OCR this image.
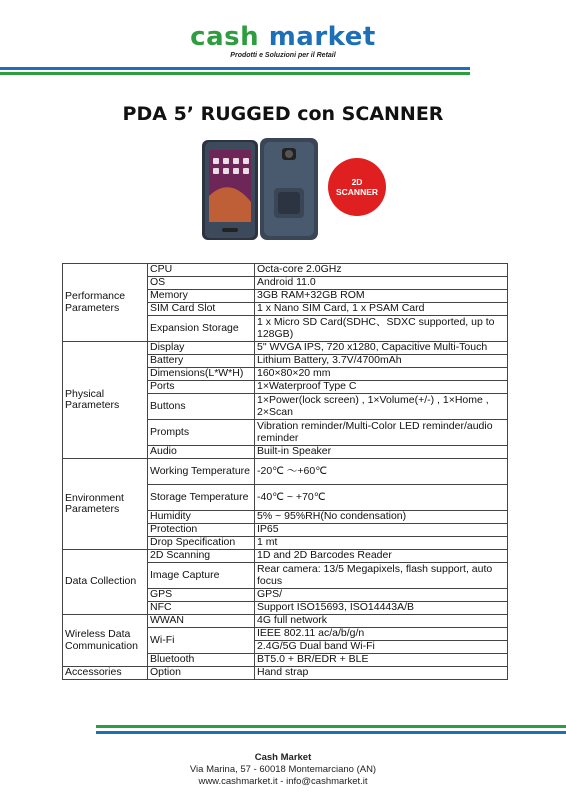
cash market
Prodotti e Soluzioni per il Retail
PDA 5’ RUGGED con SCANNER
2D
SCANNER
Performance Parameters	CPU	Octa-core 2.0GHz
	OS	Android 11.0
	Memory	3GB RAM+32GB ROM
	SIM Card Slot	1 x Nano SIM Card, 1 x PSAM Card
	Expansion Storage	1 x Micro SD Card(SDHC、SDXC supported, up to 128GB)
Physical Parameters	Display	5" WVGA IPS, 720 x1280, Capacitive Multi-Touch
	Battery	Lithium Battery, 3.7V/4700mAh
	Dimensions(L*W*H)	160×80×20 mm
	Ports	1×Waterproof Type C
	Buttons	1×Power(lock screen) , 1×Volume(+/-) , 1×Home , 2×Scan
	Prompts	Vibration reminder/Multi-Color LED reminder/audio reminder
	Audio	Built-in Speaker
Environment Parameters	Working Temperature	-20℃ ～+60℃
	Storage Temperature	-40℃ ~ +70℃
	Humidity	5% ~ 95%RH(No condensation)
	Protection	IP65
	Drop Specification	1 mt
Data Collection	2D Scanning	1D and 2D Barcodes Reader
	Image Capture	Rear camera: 13/5 Megapixels, flash support, auto focus
	GPS	GPS/
	NFC	Support ISO15693, ISO14443A/B
Wireless Data Communication	WWAN	4G full network
	Wi-Fi	IEEE 802.11 ac/a/b/g/n
		2.4G/5G Dual band Wi-Fi
	Bluetooth	BT5.0 + BR/EDR + BLE
Accessories	Option	Hand strap
Cash Market
Via Marina, 57 - 60018 Montemarciano (AN)
www.cashmarket.it - info@cashmarket.it
